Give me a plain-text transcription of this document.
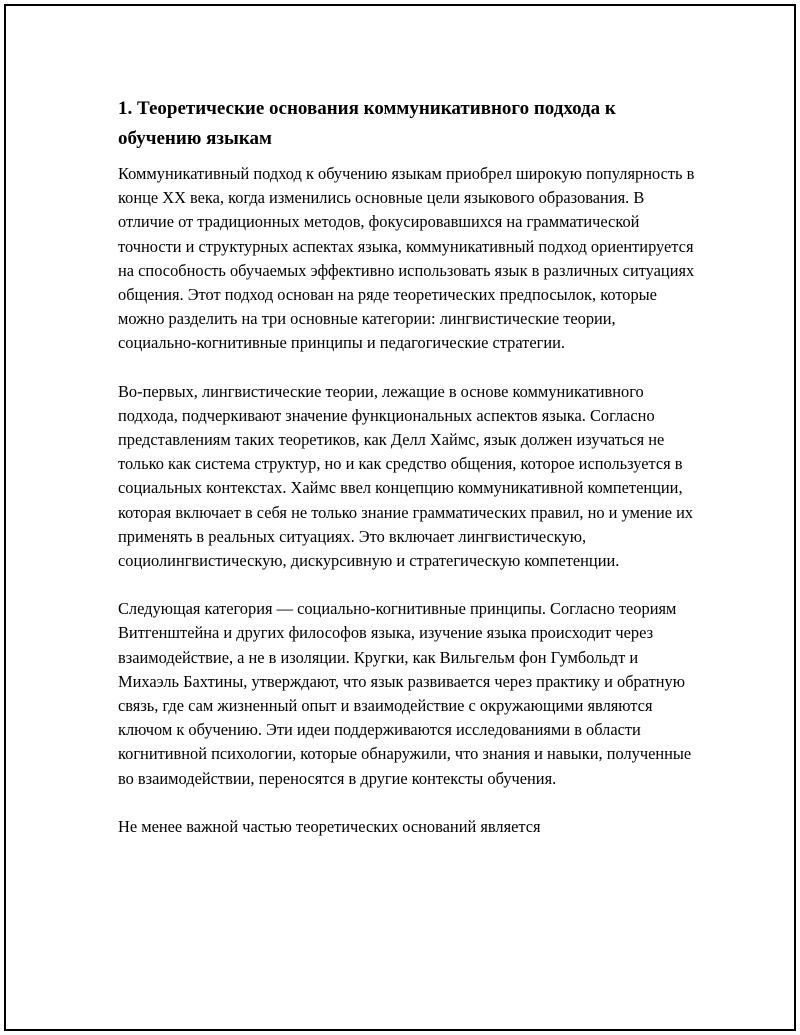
1. Теоретические основания коммуникативного подхода к обучению языкам

Коммуникативный подход к обучению языкам приобрел широкую популярность в конце XX века, когда изменились основные цели языкового образования. В отличие от традиционных методов, фокусировавшихся на грамматической точности и структурных аспектах языка, коммуникативный подход ориентируется на способность обучаемых эффективно использовать язык в различных ситуациях общения. Этот подход основан на ряде теоретических предпосылок, которые можно разделить на три основные категории: лингвистические теории, социально-когнитивные принципы и педагогические стратегии.

Во-первых, лингвистические теории, лежащие в основе коммуникативного подхода, подчеркивают значение функциональных аспектов языка. Согласно представлениям таких теоретиков, как Делл Хаймс, язык должен изучаться не только как система структур, но и как средство общения, которое используется в социальных контекстах. Хаймс ввел концепцию коммуникативной компетенции, которая включает в себя не только знание грамматических правил, но и умение их применять в реальных ситуациях. Это включает лингвистическую, социолингвистическую, дискурсивную и стратегическую компетенции.

Следующая категория — социально-когнитивные принципы. Согласно теориям Витгенштейна и других философов языка, изучение языка происходит через взаимодействие, а не в изоляции. Кругки, как Вильгельм фон Гумбольдт и Михаэль Бахтины, утверждают, что язык развивается через практику и обратную связь, где сам жизненный опыт и взаимодействие с окружающими являются ключом к обучению. Эти идеи поддерживаются исследованиями в области когнитивной психологии, которые обнаружили, что знания и навыки, полученные во взаимодействии, переносятся в другие контексты обучения.

Не менее важной частью теоретических оснований является
